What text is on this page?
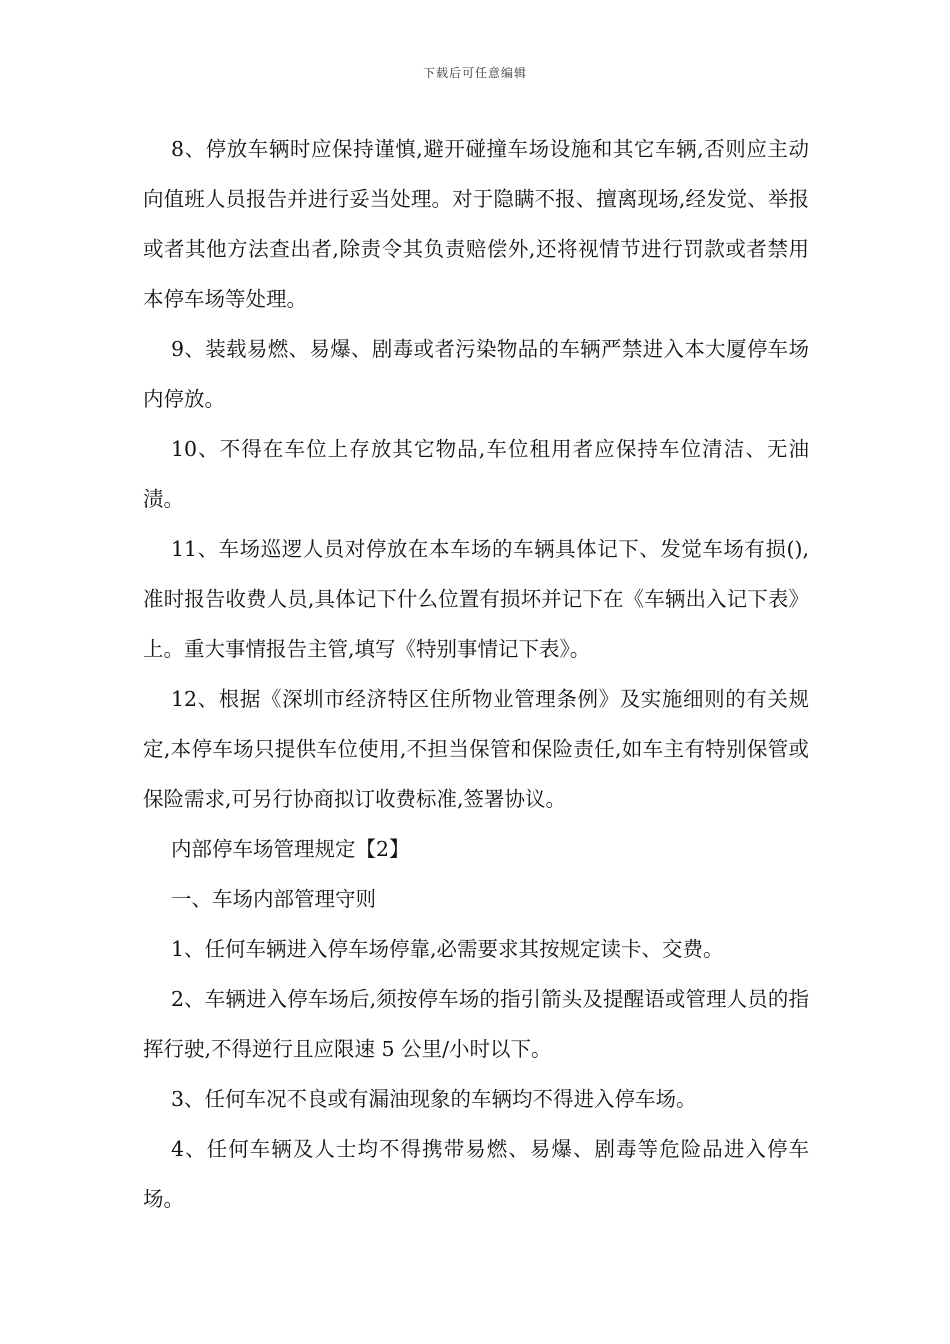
下载后可任意编辑

8、停放车辆时应保持谨慎,避开碰撞车场设施和其它车辆,否则应主动向值班人员报告并进行妥当处理。对于隐瞒不报、擅离现场,经发觉、举报或者其他方法查出者,除责令其负责赔偿外,还将视情节进行罚款或者禁用本停车场等处理。

9、装载易燃、易爆、剧毒或者污染物品的车辆严禁进入本大厦停车场内停放。

10、不得在车位上存放其它物品,车位租用者应保持车位清洁、无油渍。

11、车场巡逻人员对停放在本车场的车辆具体记下、发觉车场有损(),准时报告收费人员,具体记下什么位置有损坏并记下在《车辆出入记下表》上。重大事情报告主管,填写《特别事情记下表》。

12、根据《深圳市经济特区住所物业管理条例》及实施细则的有关规定,本停车场只提供车位使用,不担当保管和保险责任,如车主有特别保管或保险需求,可另行协商拟订收费标准,签署协议。

内部停车场管理规定【2】

一、车场内部管理守则

1、任何车辆进入停车场停靠,必需要求其按规定读卡、交费。

2、车辆进入停车场后,须按停车场的指引箭头及提醒语或管理人员的指挥行驶,不得逆行且应限速 5 公里/小时以下。

3、任何车况不良或有漏油现象的车辆均不得进入停车场。

4、任何车辆及人士均不得携带易燃、易爆、剧毒等危险品进入停车场。
